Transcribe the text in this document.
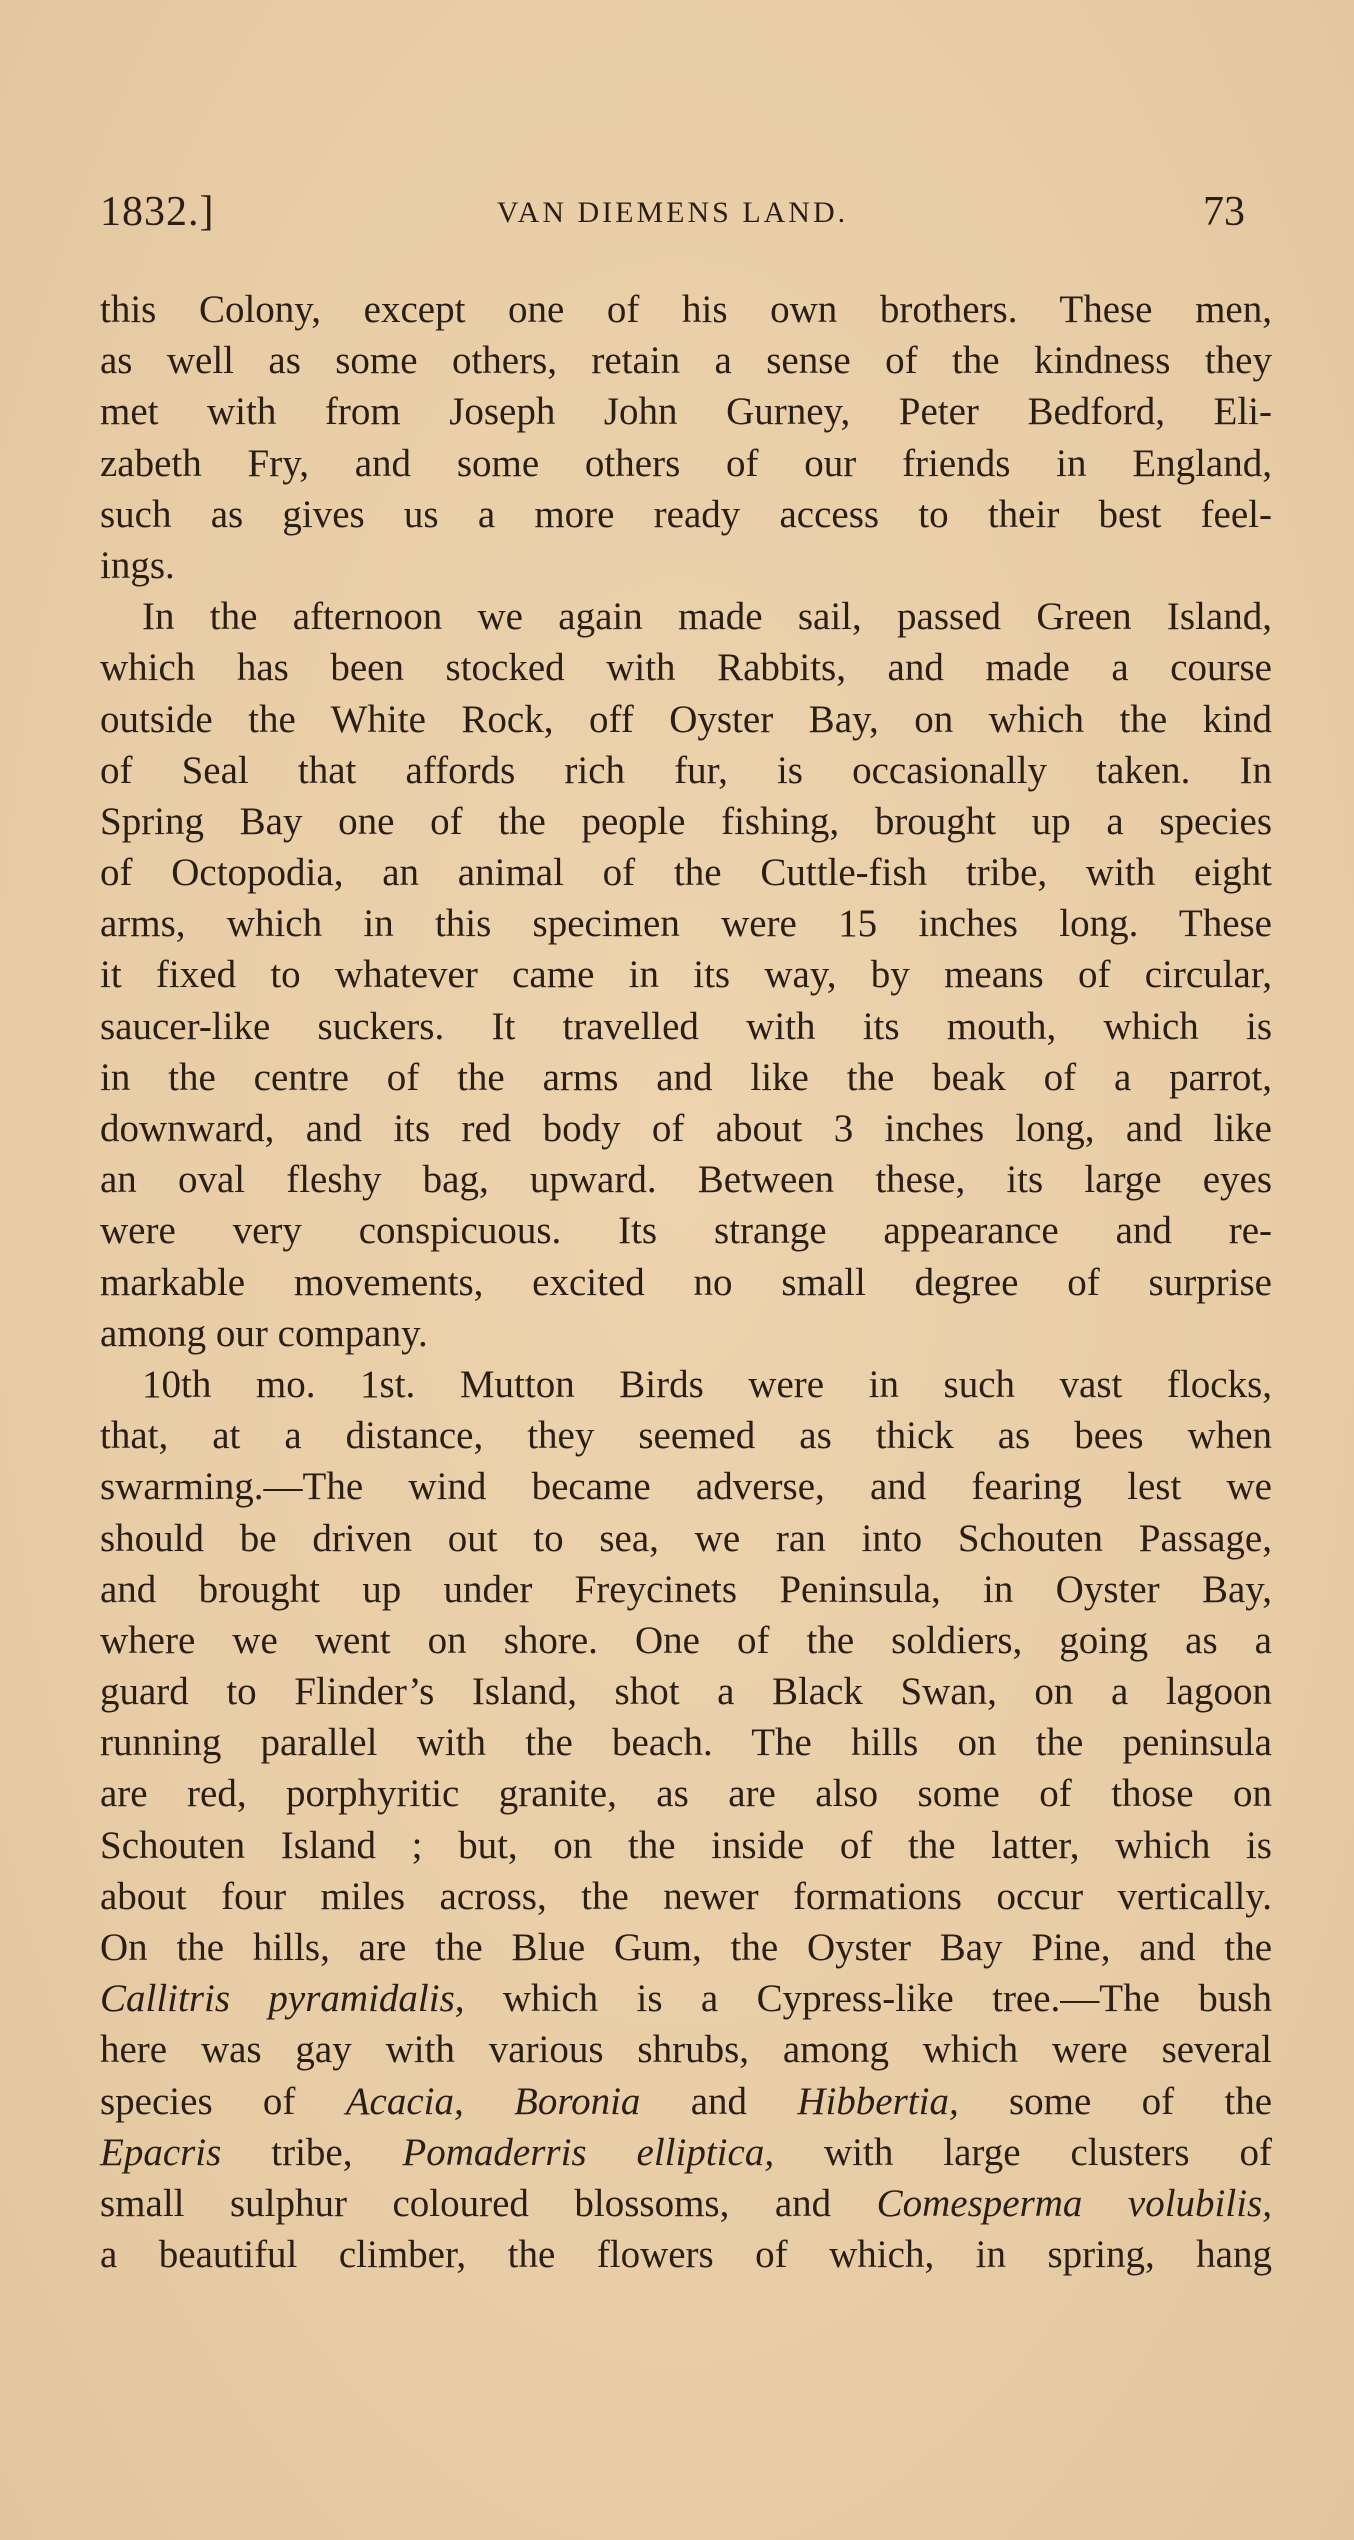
1832.]	VAN DIEMENS LAND.	73
this Colony, except one of his own brothers. These men,
as well as some others, retain a sense of the kindness they
met with from Joseph John Gurney, Peter Bedford, Eli-
zabeth Fry, and some others of our friends in England,
such as gives us a more ready access to their best feel-
ings.
In the afternoon we again made sail, passed Green Island,
which has been stocked with Rabbits, and made a course
outside the White Rock, off Oyster Bay, on which the kind
of Seal that affords rich fur, is occasionally taken. In
Spring Bay one of the people fishing, brought up a species
of Octopodia, an animal of the Cuttle-fish tribe, with eight
arms, which in this specimen were 15 inches long. These
it fixed to whatever came in its way, by means of circular,
saucer-like suckers. It travelled with its mouth, which is
in the centre of the arms and like the beak of a parrot,
downward, and its red body of about 3 inches long, and like
an oval fleshy bag, upward. Between these, its large eyes
were very conspicuous. Its strange appearance and re-
markable movements, excited no small degree of surprise
among our company.
10th mo. 1st. Mutton Birds were in such vast flocks,
that, at a distance, they seemed as thick as bees when
swarming.—The wind became adverse, and fearing lest we
should be driven out to sea, we ran into Schouten Passage,
and brought up under Freycinets Peninsula, in Oyster Bay,
where we went on shore. One of the soldiers, going as a
guard to Flinder’s Island, shot a Black Swan, on a lagoon
running parallel with the beach. The hills on the peninsula
are red, porphyritic granite, as are also some of those on
Schouten Island ; but, on the inside of the latter, which is
about four miles across, the newer formations occur vertically.
On the hills, are the Blue Gum, the Oyster Bay Pine, and the
Callitris pyramidalis, which is a Cypress-like tree.—The bush
here was gay with various shrubs, among which were several
species of Acacia, Boronia and Hibbertia, some of the
Epacris tribe, Pomaderris elliptica, with large clusters of
small sulphur coloured blossoms, and Comesperma volubilis,
a beautiful climber, the flowers of which, in spring, hang
